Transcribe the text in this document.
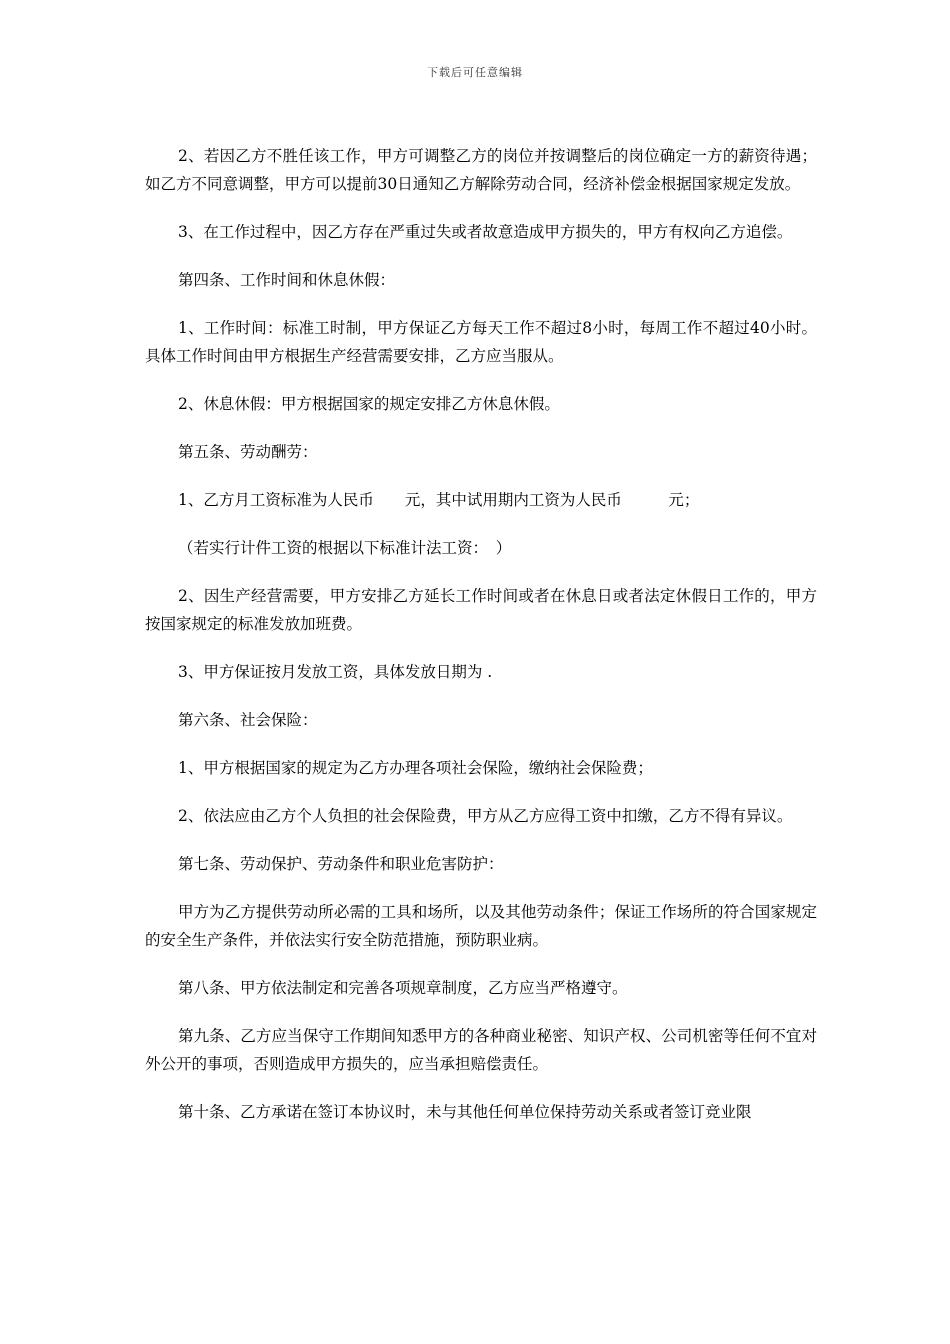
下载后可任意编辑

2、若因乙方不胜任该工作，甲方可调整乙方的岗位并按调整后的岗位确定一方的薪资待遇；如乙方不同意调整，甲方可以提前30日通知乙方解除劳动合同，经济补偿金根据国家规定发放。

3、在工作过程中，因乙方存在严重过失或者故意造成甲方损失的，甲方有权向乙方追偿。

第四条、工作时间和休息休假：

1、工作时间：标准工时制，甲方保证乙方每天工作不超过8小时，每周工作不超过40小时。具体工作时间由甲方根据生产经营需要安排，乙方应当服从。

2、休息休假：甲方根据国家的规定安排乙方休息休假。

第五条、劳动酬劳：

1、乙方月工资标准为人民币　　元，其中试用期内工资为人民币　　　元；

（若实行计件工资的根据以下标准计法工资：　）

2、因生产经营需要，甲方安排乙方延长工作时间或者在休息日或者法定休假日工作的，甲方按国家规定的标准发放加班费。

3、甲方保证按月发放工资，具体发放日期为 .

第六条、社会保险：

1、甲方根据国家的规定为乙方办理各项社会保险，缴纳社会保险费；

2、依法应由乙方个人负担的社会保险费，甲方从乙方应得工资中扣缴，乙方不得有异议。

第七条、劳动保护、劳动条件和职业危害防护：

甲方为乙方提供劳动所必需的工具和场所，以及其他劳动条件；保证工作场所的符合国家规定的安全生产条件，并依法实行安全防范措施，预防职业病。

第八条、甲方依法制定和完善各项规章制度，乙方应当严格遵守。

第九条、乙方应当保守工作期间知悉甲方的各种商业秘密、知识产权、公司机密等任何不宜对外公开的事项，否则造成甲方损失的，应当承担赔偿责任。

第十条、乙方承诺在签订本协议时，未与其他任何单位保持劳动关系或者签订竞业限
